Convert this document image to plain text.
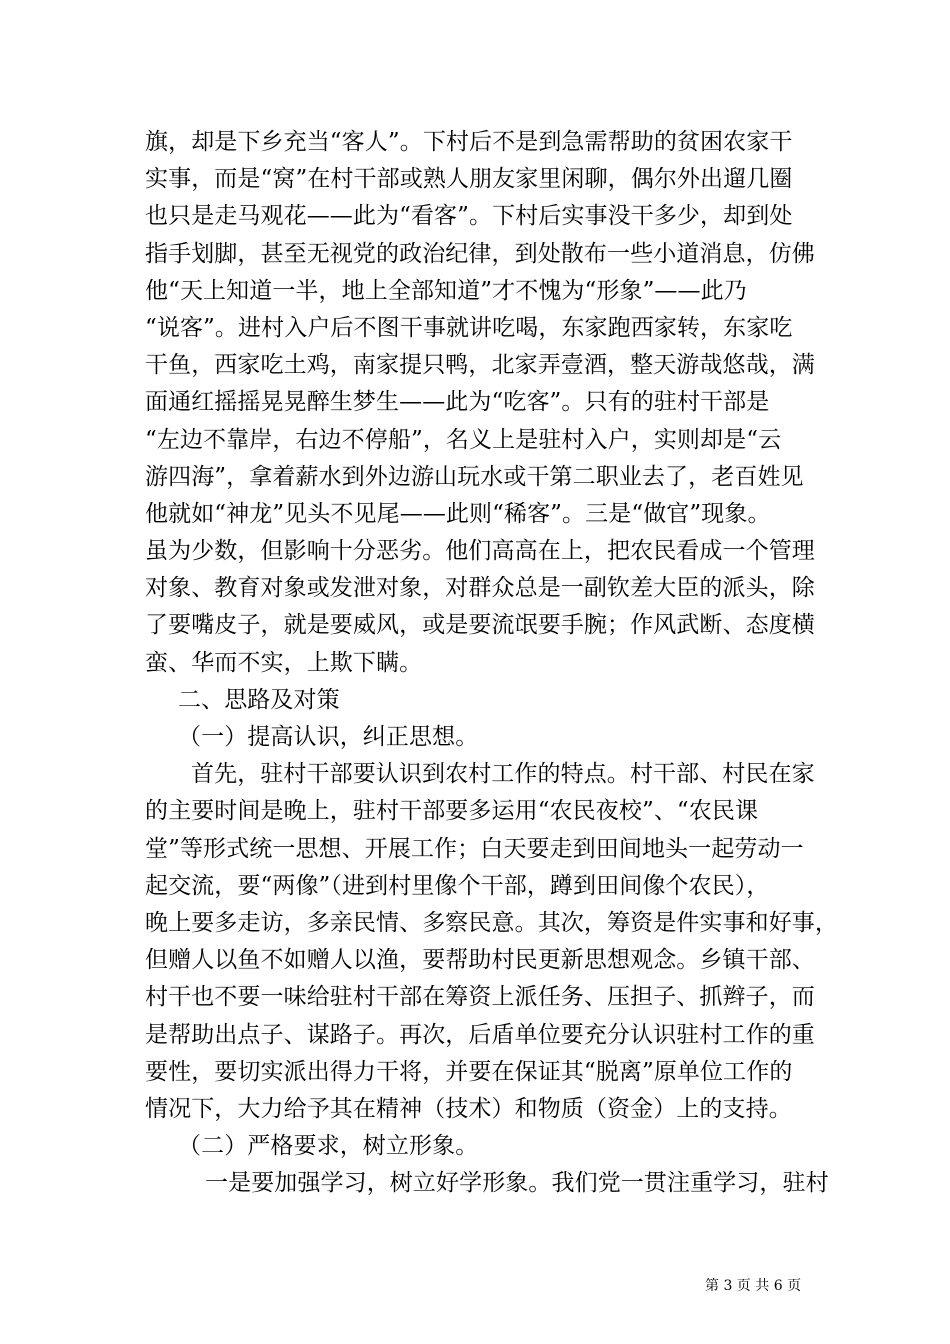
旗，却是下乡充当“客人”。下村后不是到急需帮助的贫困农家干
实事，而是“窝”在村干部或熟人朋友家里闲聊，偶尔外出遛几圈
也只是走马观花——此为“看客”。下村后实事没干多少，却到处
指手划脚，甚至无视党的政治纪律，到处散布一些小道消息，仿佛
他“天上知道一半，地上全部知道”才不愧为“形象”——此乃
“说客”。进村入户后不图干事就讲吃喝，东家跑西家转，东家吃
干鱼，西家吃土鸡，南家提只鸭，北家弄壹酒，整天游哉悠哉，满
面通红摇摇晃晃醉生梦生——此为“吃客”。只有的驻村干部是
“左边不靠岸，右边不停船”，名义上是驻村入户，实则却是“云
游四海”，拿着薪水到外边游山玩水或干第二职业去了，老百姓见
他就如“神龙”见头不见尾——此则“稀客”。三是“做官”现象。
虽为少数，但影响十分恶劣。他们高高在上，把农民看成一个管理
对象、教育对象或发泄对象，对群众总是一副钦差大臣的派头，除
了要嘴皮子，就是要威风，或是要流氓要手腕；作风武断、态度横
蛮、华而不实，上欺下瞒。
二、思路及对策
（一）提高认识，纠正思想。
首先，驻村干部要认识到农村工作的特点。村干部、村民在家
的主要时间是晚上，驻村干部要多运用“农民夜校”、“农民课
堂”等形式统一思想、开展工作；白天要走到田间地头一起劳动一
起交流，要“两像”（进到村里像个干部，蹲到田间像个农民），
晚上要多走访，多亲民情、多察民意。其次，筹资是件实事和好事，
但赠人以鱼不如赠人以渔，要帮助村民更新思想观念。乡镇干部、
村干也不要一味给驻村干部在筹资上派任务、压担子、抓辫子，而
是帮助出点子、谋路子。再次，后盾单位要充分认识驻村工作的重
要性，要切实派出得力干将，并要在保证其“脱离”原单位工作的
情况下，大力给予其在精神（技术）和物质（资金）上的支持。
（二）严格要求，树立形象。
一是要加强学习，树立好学形象。我们党一贯注重学习，驻村
第 3 页 共 6 页
